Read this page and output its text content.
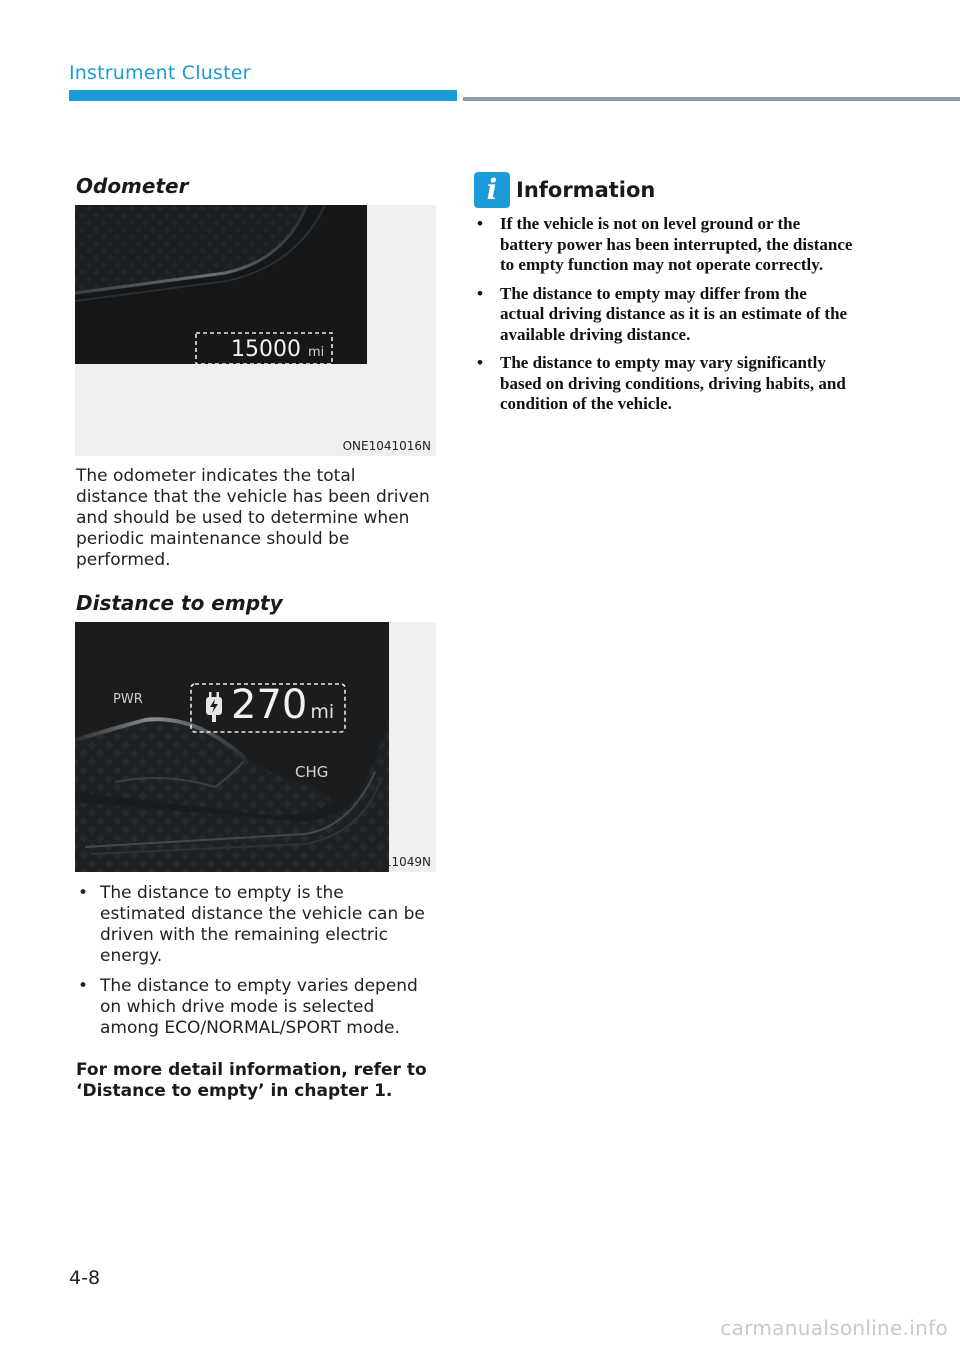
Instrument Cluster
Odometer
15000 mi
ONE1041016N
The odometer indicates the total distance that the vehicle has been driven and should be used to determine when periodic maintenance should be performed.
Distance to empty
PWR
CHG
270 mi
ONE1Q011049N
• The distance to empty is the estimated distance the vehicle can be driven with the remaining electric energy.
• The distance to empty varies depend on which drive mode is selected among ECO/NORMAL/SPORT mode.
For more detail information, refer to ‘Distance to empty’ in chapter 1.
i Information
• If the vehicle is not on level ground or the battery power has been interrupted, the distance to empty function may not operate correctly.
• The distance to empty may differ from the actual driving distance as it is an estimate of the available driving distance.
• The distance to empty may vary significantly based on driving conditions, driving habits, and condition of the vehicle.
4-8
carmanualsonline.info
